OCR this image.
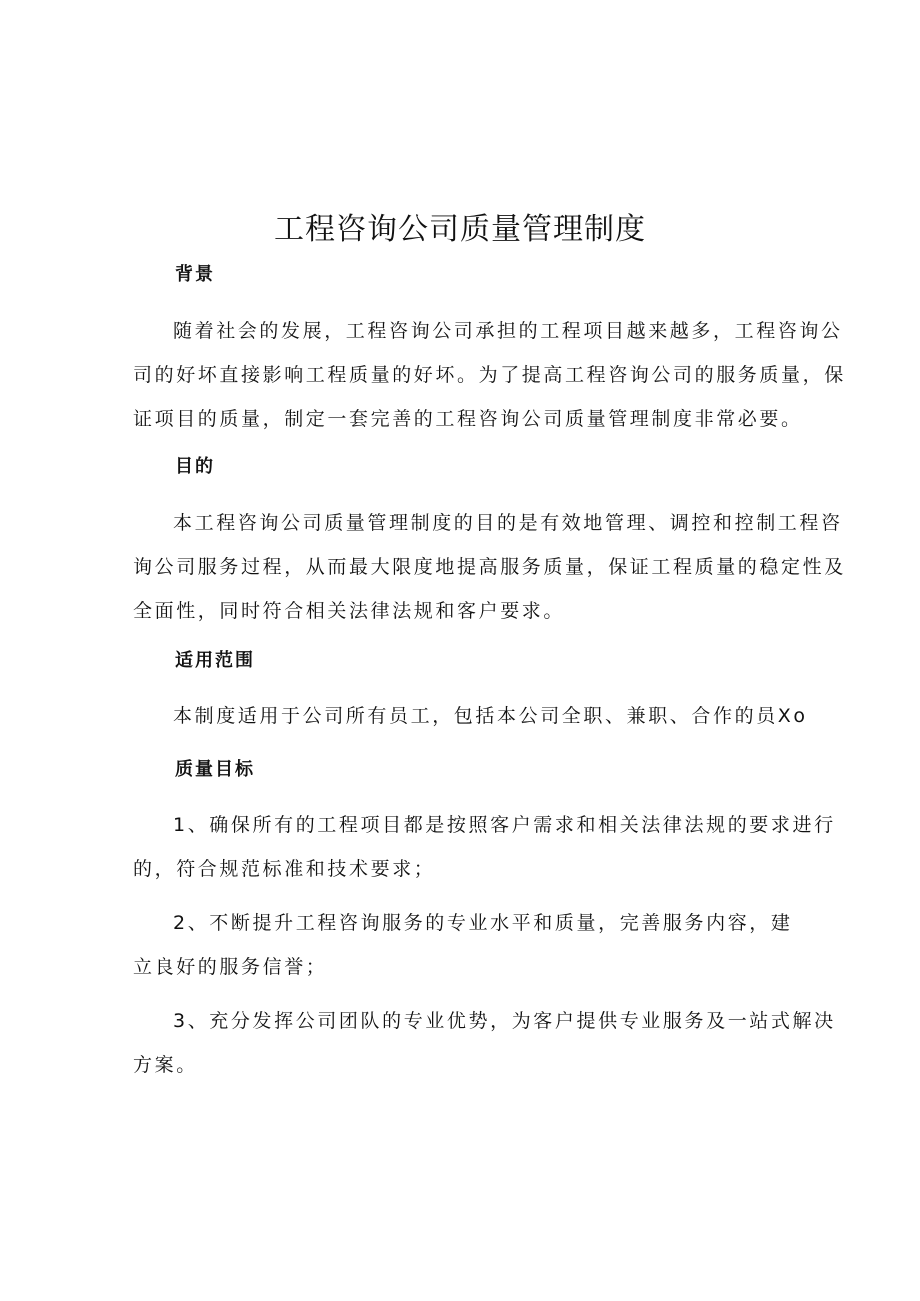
工程咨询公司质量管理制度
背景

随着社会的发展，工程咨询公司承担的工程项目越来越多，工程咨询公
司的好坏直接影响工程质量的好坏。为了提高工程咨询公司的服务质量，保
证项目的质量，制定一套完善的工程咨询公司质量管理制度非常必要。

目的

本工程咨询公司质量管理制度的目的是有效地管理、调控和控制工程咨
询公司服务过程，从而最大限度地提高服务质量，保证工程质量的稳定性及
全面性，同时符合相关法律法规和客户要求。

适用范围

本制度适用于公司所有员工，包括本公司全职、兼职、合作的员Xo

质量目标

1、确保所有的工程项目都是按照客户需求和相关法律法规的要求进行
的，符合规范标准和技术要求；

2、不断提升工程咨询服务的专业水平和质量，完善服务内容，建
立良好的服务信誉；

3、充分发挥公司团队的专业优势，为客户提供专业服务及一站式解决
方案。
